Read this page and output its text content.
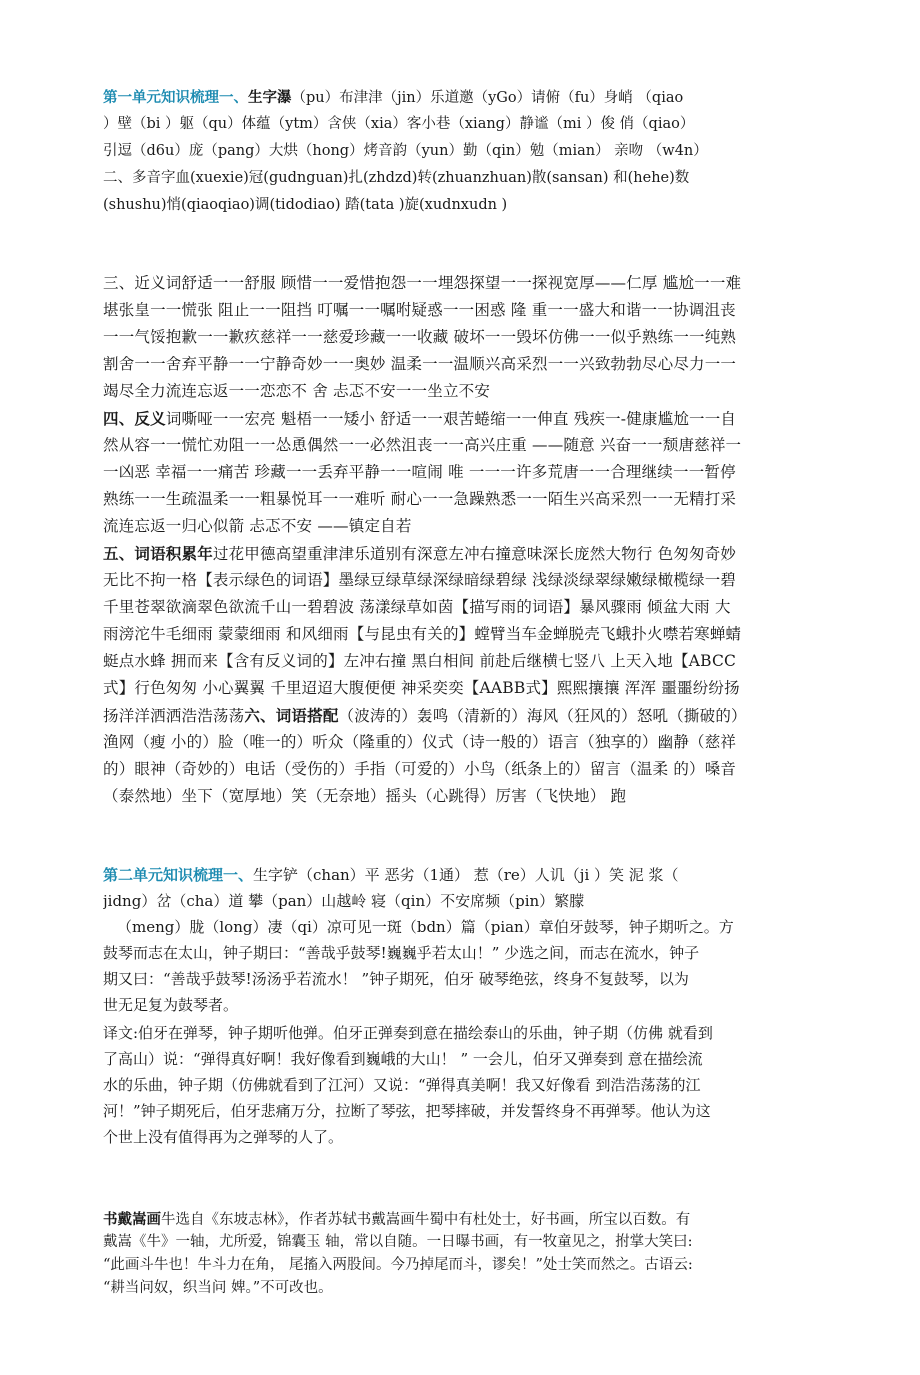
第一单元知识梳理一、生字瀑（pu）布津津（jin）乐道邀（yGo）请俯（fu）身峭 （qiao
）壁（bi ）躯（qu）体蕴（ytm）含侠（xia）客小巷（xiang）静谧（mi ）俊 俏（qiao）
引逗（d6u）庞（pang）大烘（hong）烤音韵（yun）勤（qin）勉（mian） 亲吻 （w4n）
二、多音字血(xuexie)冠(gudnguan)扎(zhdzd)转(zhuanzhuan)散(sansan) 和(hehe)数
(shushu)悄(qiaoqiao)调(tidodiao) 踏(tata )旋(xudnxudn )
三、近义词舒适一一舒服 顾惜一一爱惜抱怨一一埋怨探望一一探视宽厚——仁厚 尴尬一一难
堪张皇一一慌张 阻止一一阻挡 叮嘱一一嘱咐疑惑一一困惑 隆 重一一盛大和谐一一协调沮丧
一一气馁抱歉一一歉疚慈祥一一慈爱珍藏一一收藏 破坏一一毁坏仿佛一一似乎熟练一一纯熟
割舍一一舍弃平静一一宁静奇妙一一奥妙 温柔一一温顺兴高采烈一一兴致勃勃尽心尽力一一
竭尽全力流连忘返一一恋恋不 舍 忐忑不安一一坐立不安
四、反义词嘶哑一一宏亮 魁梧一一矮小 舒适一一艰苦蜷缩一一伸直 残疾一-健康尴尬一一自
然从容一一慌忙劝阻一一怂恿偶然一一必然沮丧一一高兴庄重 ——随意 兴奋一一颓唐慈祥一
一凶恶 幸福一一痛苦 珍藏一一丢弃平静一一喧闹 唯 一一一许多荒唐一一合理继续一一暂停
熟练一一生疏温柔一一粗暴悦耳一一难听 耐心一一急躁熟悉一一陌生兴高采烈一一无精打采
流连忘返一归心似箭 忐忑不安 ——镇定自若
五、词语积累年过花甲德高望重津津乐道别有深意左冲右撞意味深长庞然大物行 色匆匆奇妙
无比不拘一格【表示绿色的词语】墨绿豆绿草绿深绿暗绿碧绿 浅绿淡绿翠绿嫩绿橄榄绿一碧
千里苍翠欲滴翠色欲流千山一碧碧波 荡漾绿草如茵【描写雨的词语】暴风骤雨 倾盆大雨 大
雨滂沱牛毛细雨 蒙蒙细雨 和风细雨【与昆虫有关的】螳臂当车金蝉脱壳飞蛾扑火噤若寒蝉蜻
蜓点水蜂 拥而来【含有反义词的】左冲右撞 黑白相间 前赴后继横七竖八 上天入地【ABCC
式】行色匆匆 小心翼翼 千里迢迢大腹便便 神采奕奕【AABB式】熙熙攘攘 浑浑 噩噩纷纷扬
扬洋洋洒洒浩浩荡荡六、词语搭配（波涛的）轰鸣（清新的）海风（狂风的）怒吼（撕破的）
渔网（瘦 小的）脸（唯一的）听众（隆重的）仪式（诗一般的）语言（独享的）幽静（慈祥
的）眼神（奇妙的）电话（受伤的）手指（可爱的）小鸟（纸条上的）留言（温柔 的）嗓音
（泰然地）坐下（宽厚地）笑（无奈地）摇头（心跳得）厉害（飞快地） 跑
第二单元知识梳理一、生字铲（chan）平 恶劣（1通） 惹（re）人讥（ji ）笑 泥 浆（
jidng）岔（cha）道 攀（pan）山越岭 寝（qin）不安席频（pin）繁朦
（meng）胧（long）凄（qi）凉可见一斑（bdn）篇（pian）章伯牙鼓琴，钟子期听之。方
鼓琴而志在太山，钟子期曰：“善哉乎鼓琴!巍巍乎若太山！” 少选之间，而志在流水，钟子
期又曰：“善哉乎鼓琴!汤汤乎若流水！ ”钟子期死，伯牙 破琴绝弦，终身不复鼓琴，以为
世无足复为鼓琴者。
译文:伯牙在弹琴，钟子期听他弹。伯牙正弹奏到意在描绘泰山的乐曲，钟子期（仿佛 就看到
了高山）说：“弹得真好啊！我好像看到巍峨的大山！ ” 一会儿，伯牙又弹奏到 意在描绘流
水的乐曲，钟子期（仿佛就看到了江河）又说：“弹得真美啊！我又好像看 到浩浩荡荡的江
河！”钟子期死后，伯牙悲痛万分，拉断了琴弦，把琴摔破，并发誓终身不再弹琴。他认为这
个世上没有值得再为之弹琴的人了。
书戴嵩画牛选自《东坡志林》，作者苏轼书戴嵩画牛蜀中有杜处士，好书画，所宝以百数。有
戴嵩《牛》一轴，尤所爱，锦囊玉 轴，常以自随。一日曝书画，有一牧童见之，拊掌大笑曰:
“此画斗牛也！牛斗力在角， 尾搐入两股间。今乃掉尾而斗，谬矣！”处士笑而然之。古语云:
“耕当问奴，织当问 婢。”不可改也。
